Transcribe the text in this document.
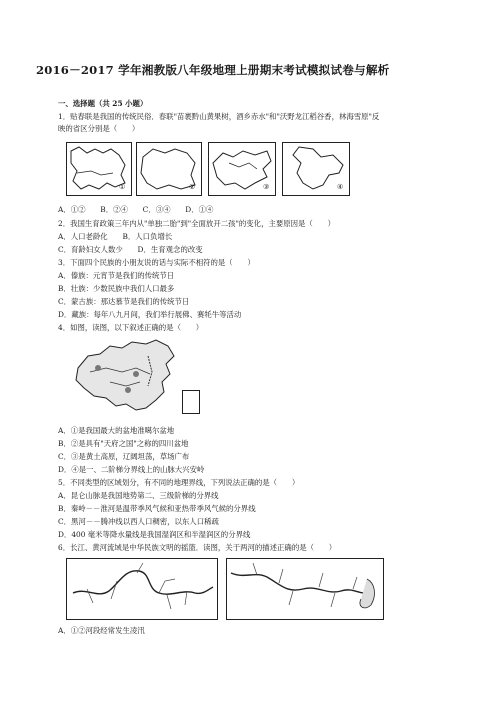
2016－2017 学年湘教版八年级地理上册期末考试模拟试卷与解析
一、选择题（共 25 小题）
1．贴春联是我国的传统民俗．春联"苗裹黔山黄果树，酒乡赤水"和"沃野龙江稻谷香，林海雪原"反
映的省区分别是（　　）
①	②	③	④
A．①②　　B．②④　　C．③④　　D．①④
2．我国生育政策三年内从"单独二胎"到"全面放开二孩"的变化，主要原因是（　　）
A．人口老龄化　　B．人口负增长
C．育龄妇女人数少　　D．生育观念的改变
3．下面四个民族的小朋友说的话与实际不相符的是（　　）
A．傣族：元宵节是我们的传统节日
B．壮族：少数民族中我们人口最多
C．蒙古族：那达慕节是我们的传统节日
D．藏族：每年八九月间，我们举行展佛、赛牦牛等活动
4．如图，读图，以下叙述正确的是（　　）
A．①是我国最大的盆地准噶尔盆地
B．②是具有"天府之国"之称的四川盆地
C．③是黄土高原，辽阔坦荡，草场广布
D．④是一、二阶梯分界线上的山脉大兴安岭
5．不同类型的区域划分，有不同的地理界线，下列说法正确的是（　　）
A．昆仑山脉是我国地势第二、三级阶梯的分界线
B．秦岭－－淮河是温带季风气候和亚热带季风气候的分界线
C．黑河－－腾冲线以西人口稠密，以东人口稀疏
D．400 毫米等降水量线是我国湿润区和半湿润区的分界线
6．长江、黄河流域是中华民族文明的摇篮．读图，关于两河的描述正确的是（　　）
A．①②河段经常发生凌汛
